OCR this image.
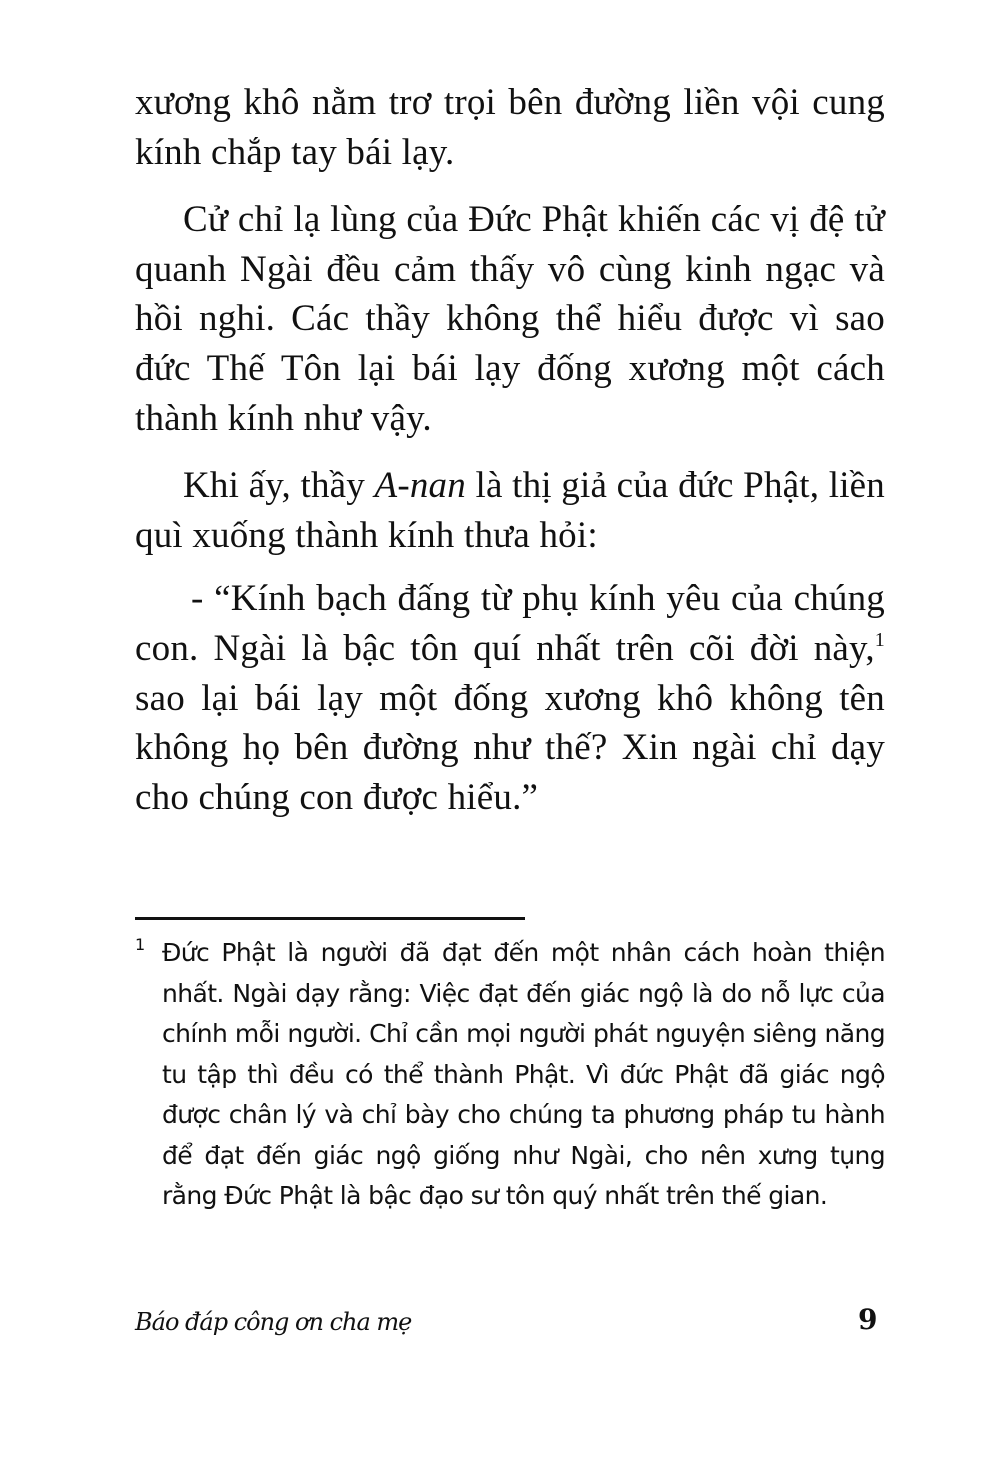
xương khô nằm trơ trọi bên đường liền vội cung kính chắp tay bái lạy.

Cử chỉ lạ lùng của Đức Phật khiến các vị đệ tử quanh Ngài đều cảm thấy vô cùng kinh ngạc và hồi nghi. Các thầy không thể hiểu được vì sao đức Thế Tôn lại bái lạy đống xương một cách thành kính như vậy.

Khi ấy, thầy A-nan là thị giả của đức Phật, liền quì xuống thành kính thưa hỏi:

- “Kính bạch đấng từ phụ kính yêu của chúng con. Ngài là bậc tôn quí nhất trên cõi đời này,$^1$ sao lại bái lạy một đống xương khô không tên không họ bên đường như thế? Xin ngài chỉ dạy cho chúng con được hiểu.”

1 Đức Phật là người đã đạt đến một nhân cách hoàn thiện nhất. Ngài dạy rằng: Việc đạt đến giác ngộ là do nỗ lực của chính mỗi người. Chỉ cần mọi người phát nguyện siêng năng tu tập thì đều có thể thành Phật. Vì đức Phật đã giác ngộ được chân lý và chỉ bày cho chúng ta phương pháp tu hành để đạt đến giác ngộ giống như Ngài, cho nên xưng tụng rằng Đức Phật là bậc đạo sư tôn quý nhất trên thế gian.
Báo đáp công ơn cha mẹ	9
